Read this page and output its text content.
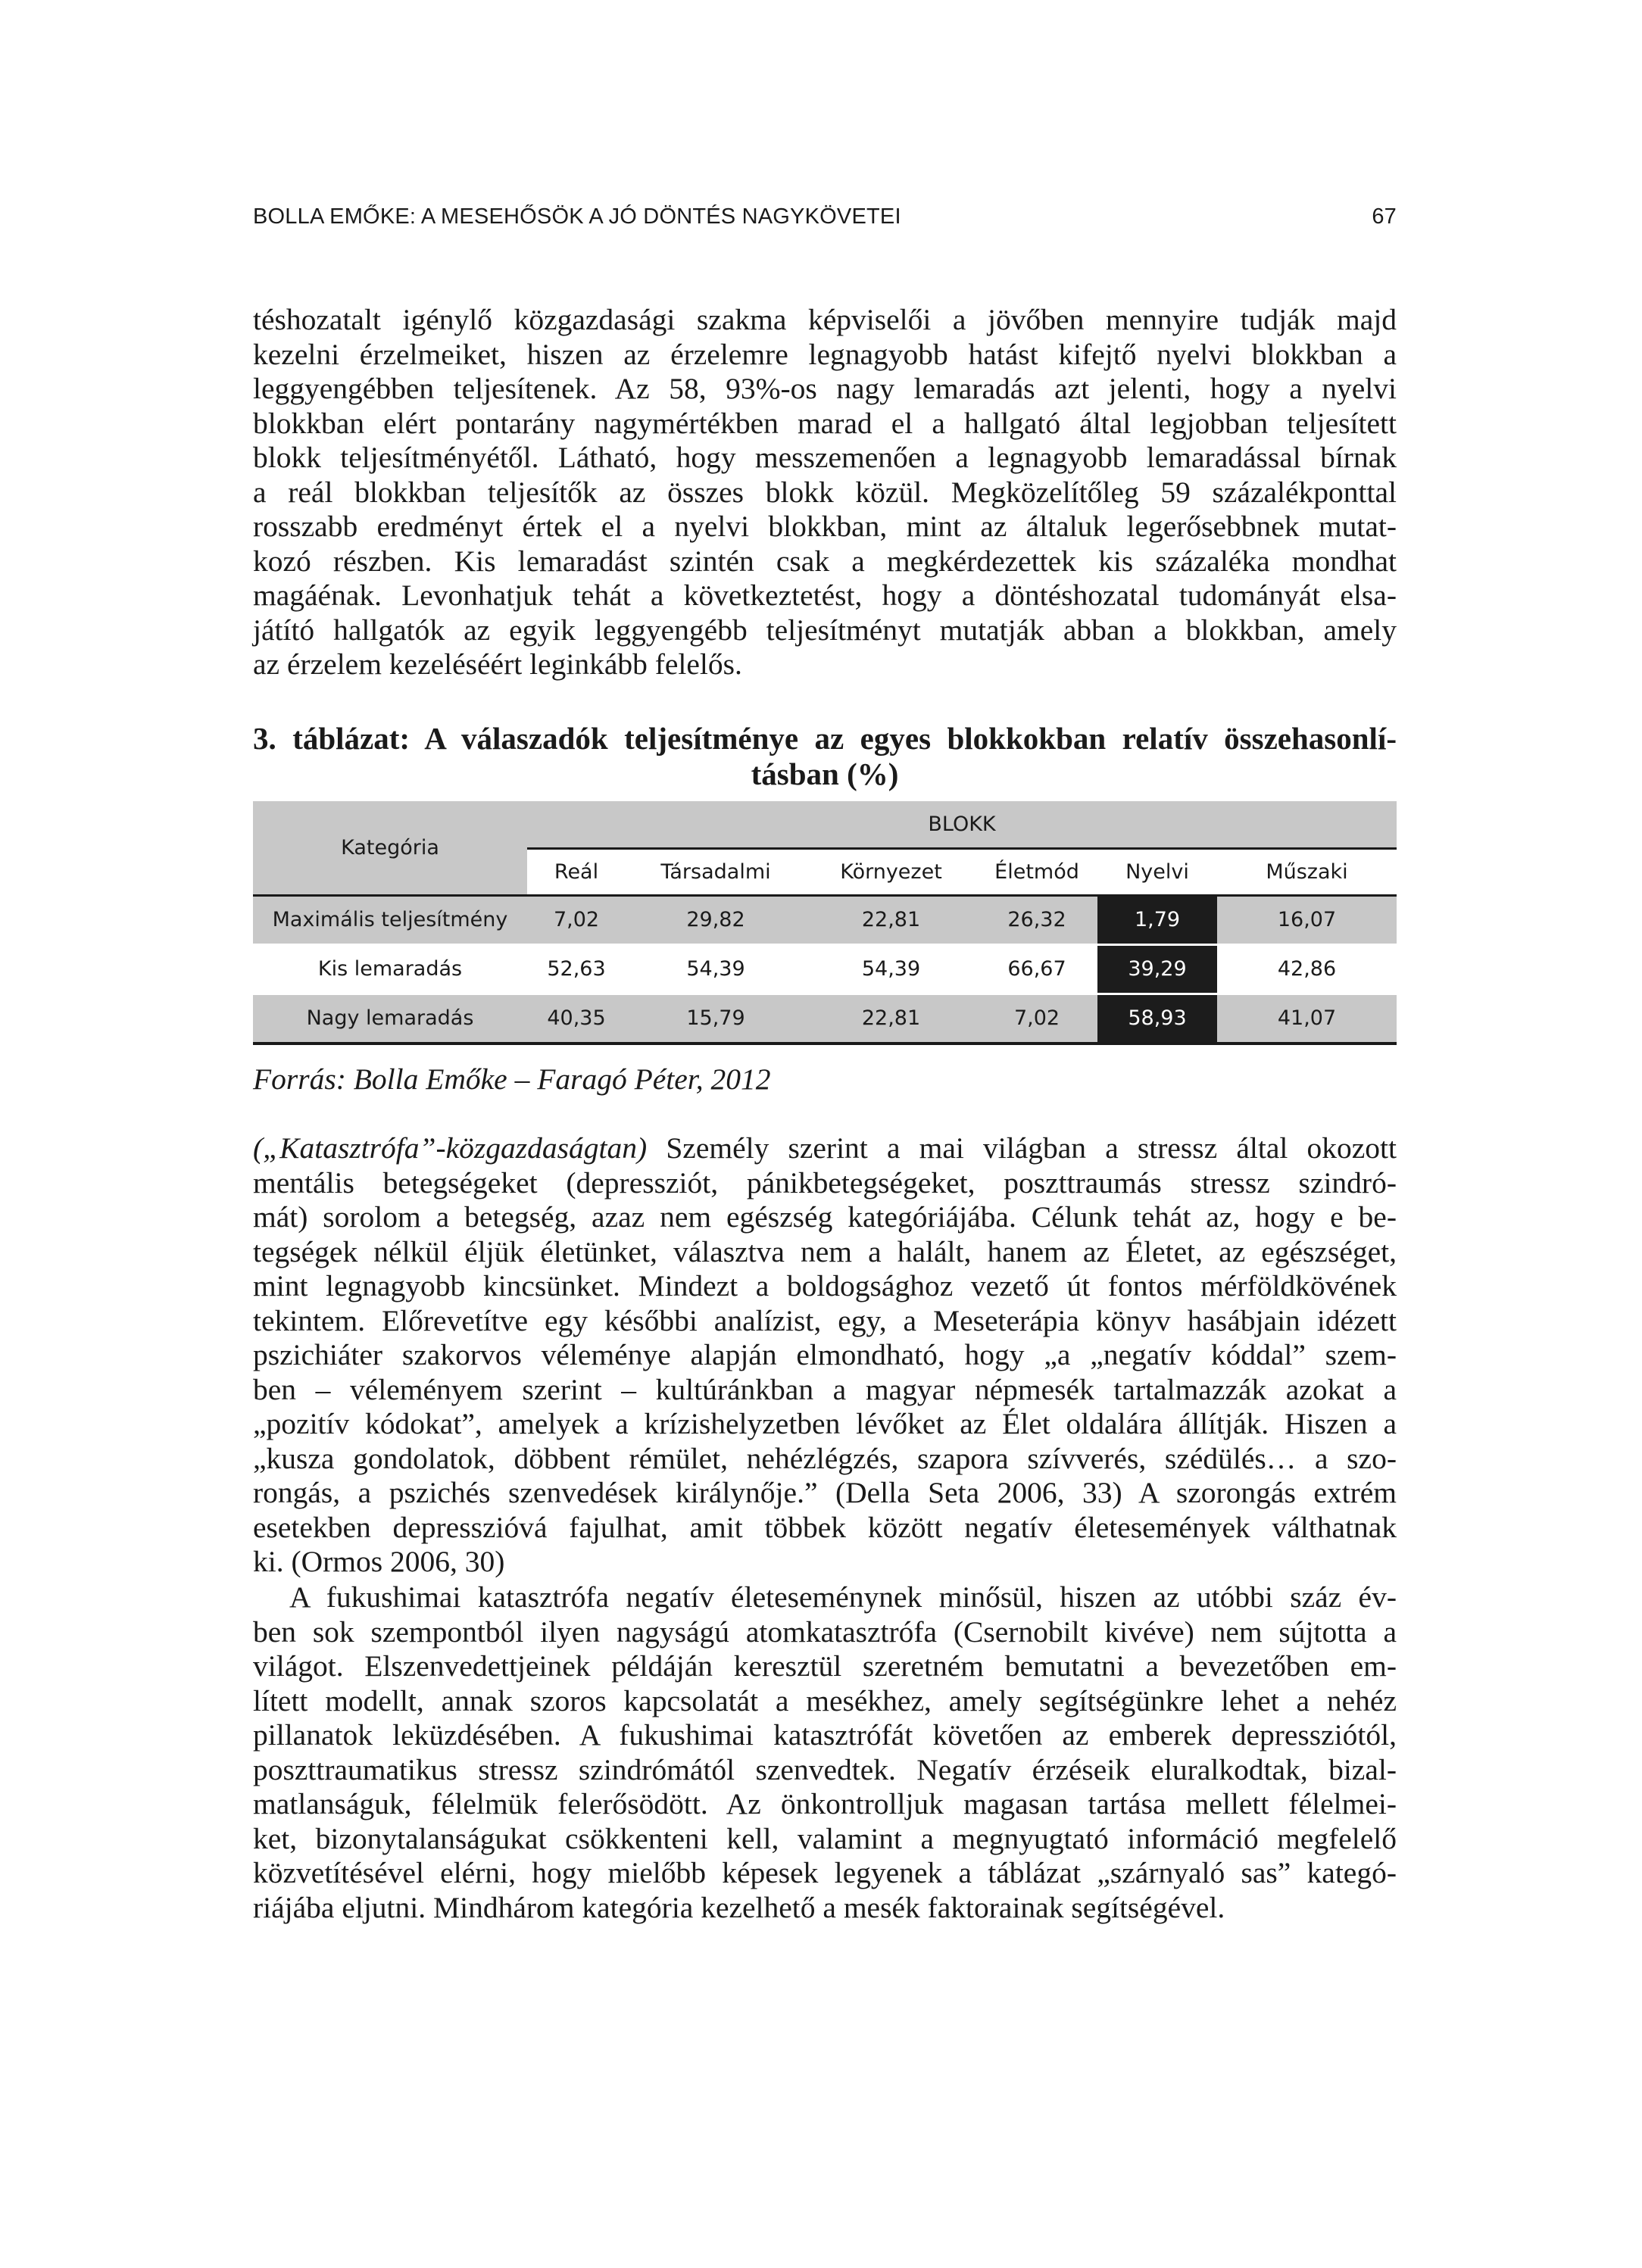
BOLLA EMŐKE: A MESEHŐSÖK A JÓ DÖNTÉS NAGYKÖVETEI	67
téshozatalt igénylő közgazdasági szakma képviselői a jövőben mennyire tudják majd
kezelni érzelmeiket, hiszen az érzelemre legnagyobb hatást kifejtő nyelvi blokkban a
leggyengébben teljesítenek. Az 58, 93%-os nagy lemaradás azt jelenti, hogy a nyelvi
blokkban elért pontarány nagymértékben marad el a hallgató által legjobban teljesített
blokk teljesítményétől. Látható, hogy messzemenően a legnagyobb lemaradással bírnak
a reál blokkban teljesítők az összes blokk közül. Megközelítőleg 59 százalékponttal
rosszabb eredményt értek el a nyelvi blokkban, mint az általuk legerősebbnek mutat-
kozó részben. Kis lemaradást szintén csak a megkérdezettek kis százaléka mondhat
magáénak. Levonhatjuk tehát a következtetést, hogy a döntéshozatal tudományát elsa-
játító hallgatók az egyik leggyengébb teljesítményt mutatják abban a blokkban, amely
az érzelem kezeléséért leginkább felelős.
3. táblázat: A válaszadók teljesítménye az egyes blokkokban relatív összehasonlí-
tásban (%)
Kategória	BLOKK					
	Reál	Társadalmi	Környezet	Életmód	Nyelvi	Műszaki
Maximális teljesítmény	7,02	29,82	22,81	26,32	1,79	16,07
Kis lemaradás	52,63	54,39	54,39	66,67	39,29	42,86
Nagy lemaradás	40,35	15,79	22,81	7,02	58,93	41,07
Forrás: Bolla Emőke – Faragó Péter, 2012
(„Katasztrófa”-közgazdaságtan) Személy szerint a mai világban a stressz által okozott
mentális betegségeket (depressziót, pánikbetegségeket, poszttraumás stressz szindró-
mát) sorolom a betegség, azaz nem egészség kategóriájába. Célunk tehát az, hogy e be-
tegségek nélkül éljük életünket, választva nem a halált, hanem az Életet, az egészséget,
mint legnagyobb kincsünket. Mindezt a boldogsághoz vezető út fontos mérföldkövének
tekintem. Előrevetítve egy későbbi analízist, egy, a Meseterápia könyv hasábjain idézett
pszichiáter szakorvos véleménye alapján elmondható, hogy „a „negatív kóddal” szem-
ben – véleményem szerint – kultúránkban a magyar népmesék tartalmazzák azokat a
„pozitív kódokat”, amelyek a krízishelyzetben lévőket az Élet oldalára állítják. Hiszen a
„kusza gondolatok, döbbent rémület, nehézlégzés, szapora szívverés, szédülés… a szo-
rongás, a pszichés szenvedések királynője.” (Della Seta 2006, 33) A szorongás extrém
esetekben depresszióvá fajulhat, amit többek között negatív életesemények válthatnak
ki. (Ormos 2006, 30)
A fukushimai katasztrófa negatív életeseménynek minősül, hiszen az utóbbi száz év-
ben sok szempontból ilyen nagyságú atomkatasztrófa (Csernobilt kivéve) nem sújtotta a
világot. Elszenvedettjeinek példáján keresztül szeretném bemutatni a bevezetőben em-
lített modellt, annak szoros kapcsolatát a mesékhez, amely segítségünkre lehet a nehéz
pillanatok leküzdésében. A fukushimai katasztrófát követően az emberek depressziótól,
poszttraumatikus stressz szindrómától szenvedtek. Negatív érzéseik eluralkodtak, bizal-
matlanságuk, félelmük felerősödött. Az önkontrolljuk magasan tartása mellett félelmei-
ket, bizonytalanságukat csökkenteni kell, valamint a megnyugtató információ megfelelő
közvetítésével elérni, hogy mielőbb képesek legyenek a táblázat „szárnyaló sas” kategó-
riájába eljutni. Mindhárom kategória kezelhető a mesék faktorainak segítségével.
